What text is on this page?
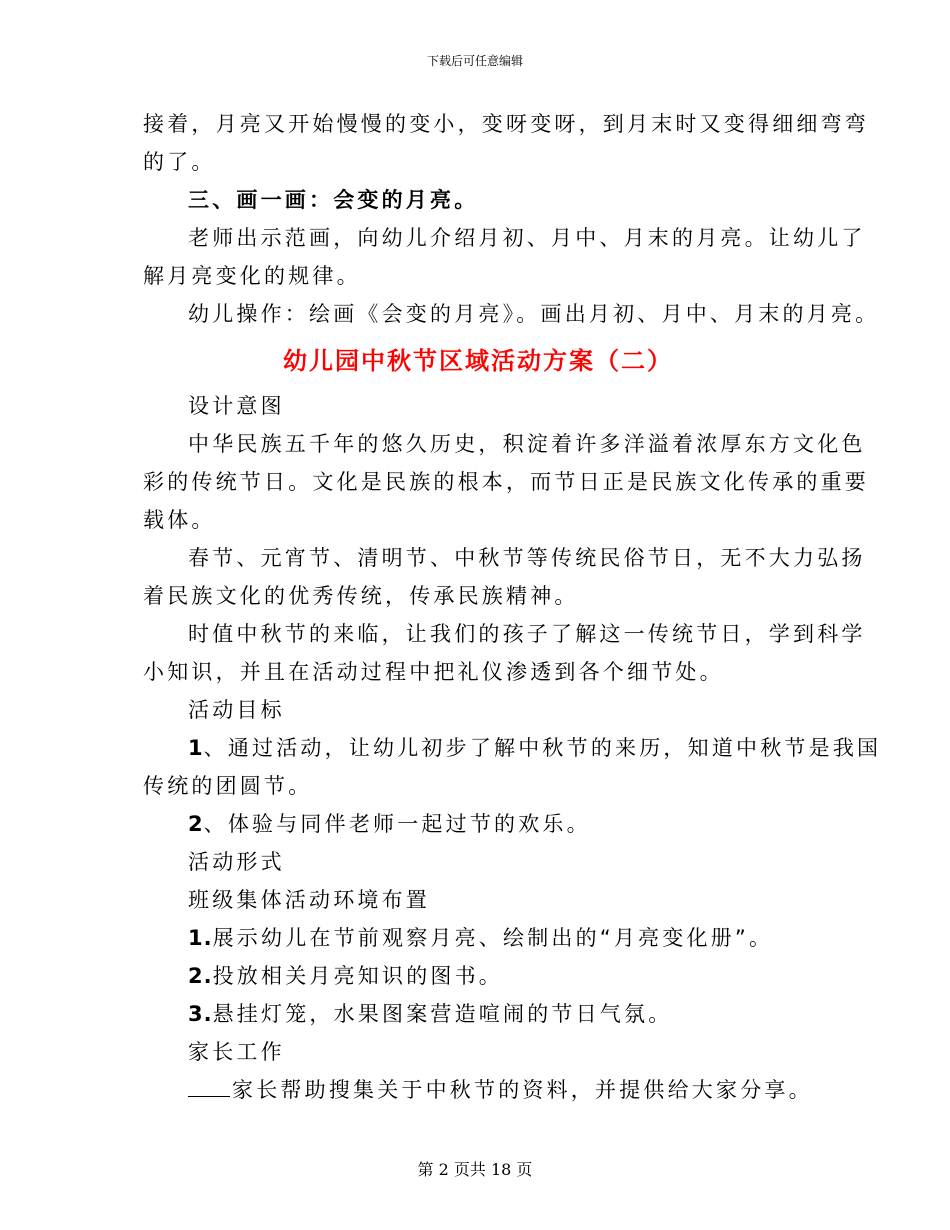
下载后可任意编辑

接着，月亮又开始慢慢的变小，变呀变呀，到月末时又变得细细弯弯

的了。

三、画一画：会变的月亮。

老师出示范画，向幼儿介绍月初、月中、月末的月亮。让幼儿了

解月亮变化的规律。

幼儿操作：绘画《会变的月亮》。画出月初、月中、月末的月亮。

幼儿园中秋节区域活动方案（二）

设计意图

中华民族五千年的悠久历史，积淀着许多洋溢着浓厚东方文化色

彩的传统节日。文化是民族的根本，而节日正是民族文化传承的重要

载体。

春节、元宵节、清明节、中秋节等传统民俗节日，无不大力弘扬

着民族文化的优秀传统，传承民族精神。

时值中秋节的来临，让我们的孩子了解这一传统节日，学到科学

小知识，并且在活动过程中把礼仪渗透到各个细节处。

活动目标

1、通过活动，让幼儿初步了解中秋节的来历，知道中秋节是我国

传统的团圆节。

2、体验与同伴老师一起过节的欢乐。

活动形式

班级集体活动环境布置

1.展示幼儿在节前观察月亮、绘制出的“月亮变化册”。

2.投放相关月亮知识的图书。

3.悬挂灯笼，水果图案营造喧闹的节日气氛。

家长工作

家长帮助搜集关于中秋节的资料，并提供给大家分享。

第 2 页共 18 页
